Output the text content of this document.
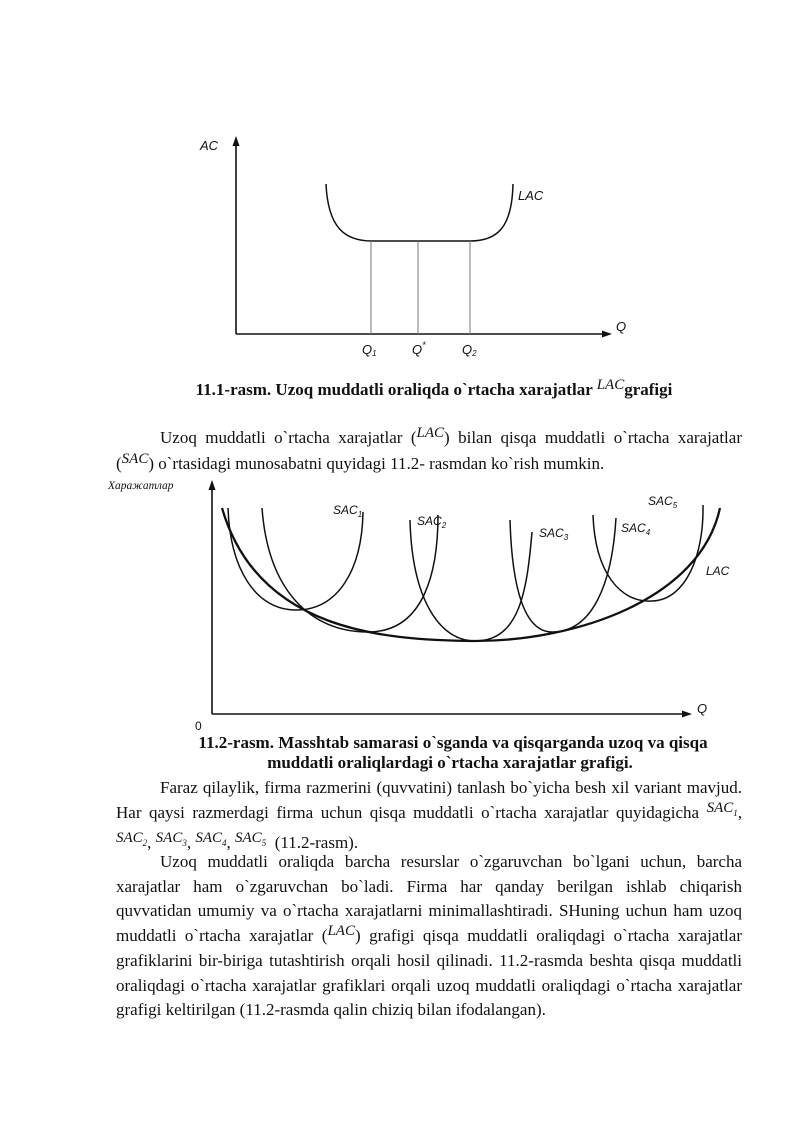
AC
LAC
Q
Q1	Q*	Q2
11.1-rasm. Uzoq muddatli oraliqda o`rtacha xarajatlar LACgrafigi
Uzoq muddatli o`rtacha xarajatlar (LAC) bilan qisqa muddatli o`rtacha xarajatlar (SAC) o`rtasidagi munosabatni quyidagi 11.2- rasmdan ko`rish mumkin.
Харажатлар
$SAC_1$	$SAC_2$
$SAC_3$
$SAC_4$
$SAC_5$
LAC
Q
0
11.2-rasm. Masshtab samarasi o`sganda va qisqarganda uzoq va qisqa
muddatli oraliqlardagi o`rtacha xarajatlar grafigi.
Faraz qilaylik, firma razmerini (quvvatini) tanlash bo`yicha besh xil variant mavjud. Har qaysi razmerdagi firma uchun qisqa muddatli o`rtacha xarajatlar quyidagicha $SAC_1$, $SAC_2$, $SAC_3$, $SAC_4$, $SAC_5$ (11.2-rasm).
Uzoq muddatli oraliqda barcha resurslar o`zgaruvchan bo`lgani uchun, barcha xarajatlar ham o`zgaruvchan bo`ladi. Firma har qanday berilgan ishlab chiqarish quvvatidan umumiy va o`rtacha xarajatlarni minimallashtiradi. SHuning uchun ham uzoq muddatli o`rtacha xarajatlar (LAC) grafigi qisqa muddatli oraliqdagi o`rtacha xarajatlar grafiklarini bir-biriga tutashtirish orqali hosil qilinadi. 11.2-rasmda beshta qisqa muddatli oraliqdagi o`rtacha xarajatlar grafiklari orqali uzoq muddatli oraliqdagi o`rtacha xarajatlar grafigi keltirilgan (11.2-rasmda qalin chiziq bilan ifodalangan).
